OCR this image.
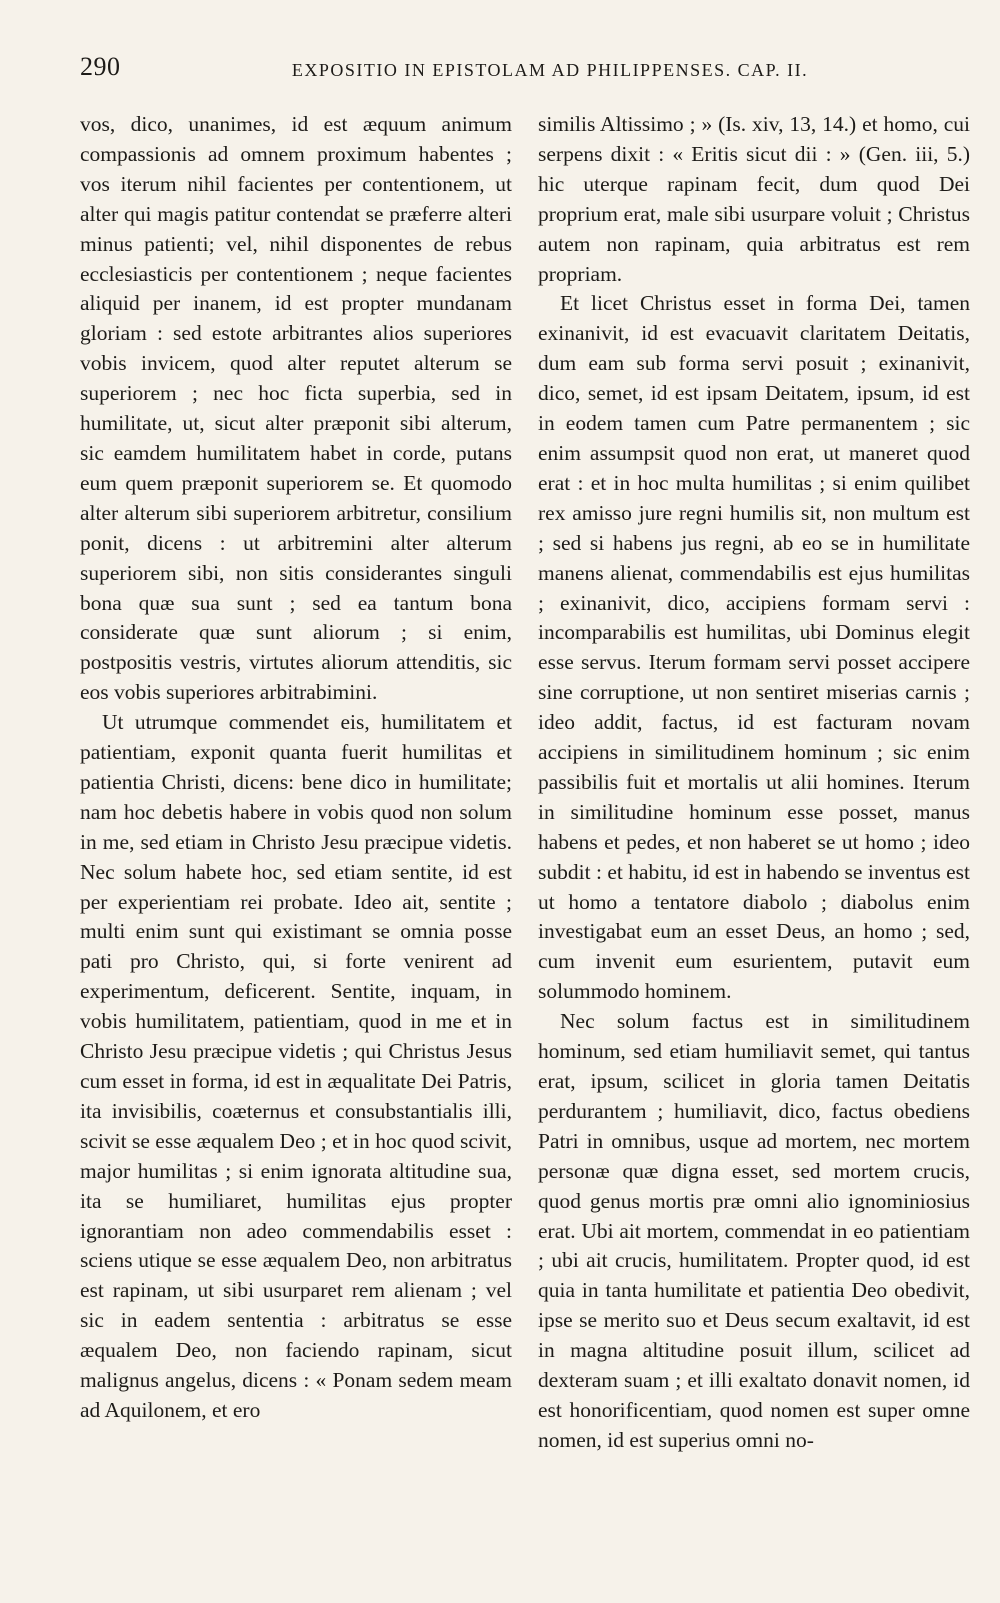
290	EXPOSITIO IN EPISTOLAM AD PHILIPPENSES. CAP. II.

vos, dico, unanimes, id est æquum animum compassionis ad omnem proximum habentes ; vos iterum nihil facientes per contentionem, ut alter qui magis patitur contendat se præferre alteri minus patienti; vel, nihil disponentes de rebus ecclesiasticis per contentionem ; neque facientes aliquid per inanem, id est propter mundanam gloriam : sed estote arbitrantes alios superiores vobis invicem, quod alter reputet alterum se superiorem ; nec hoc ficta superbia, sed in humilitate, ut, sicut alter præponit sibi alterum, sic eamdem humilitatem habet in corde, putans eum quem præponit superiorem se. Et quomodo alter alterum sibi superiorem arbitretur, consilium ponit, dicens : ut arbitremini alter alterum superiorem sibi, non sitis considerantes singuli bona quæ sua sunt ; sed ea tantum bona considerate quæ sunt aliorum ; si enim, postpositis vestris, virtutes aliorum attenditis, sic eos vobis superiores arbitrabimini.

Ut utrumque commendet eis, humilitatem et patientiam, exponit quanta fuerit humilitas et patientia Christi, dicens: bene dico in humilitate; nam hoc debetis habere in vobis quod non solum in me, sed etiam in Christo Jesu præcipue videtis. Nec solum habete hoc, sed etiam sentite, id est per experientiam rei probate. Ideo ait, sentite ; multi enim sunt qui existimant se omnia posse pati pro Christo, qui, si forte venirent ad experimentum, deficerent. Sentite, inquam, in vobis humilitatem, patientiam, quod in me et in Christo Jesu præcipue videtis ; qui Christus Jesus cum esset in forma, id est in æqualitate Dei Patris, ita invisibilis, coæternus et consubstantialis illi, scivit se esse æqualem Deo ; et in hoc quod scivit, major humilitas ; si enim ignorata altitudine sua, ita se humiliaret, humilitas ejus propter ignorantiam non adeo commendabilis esset : sciens utique se esse æqualem Deo, non arbitratus est rapinam, ut sibi usurparet rem alienam ; vel sic in eadem sententia : arbitratus se esse æqualem Deo, non faciendo rapinam, sicut malignus angelus, dicens : « Ponam sedem meam ad Aquilonem, et ero

similis Altissimo ; » (Is. xiv, 13, 14.) et homo, cui serpens dixit : « Eritis sicut dii : » (Gen. iii, 5.) hic uterque rapinam fecit, dum quod Dei proprium erat, male sibi usurpare voluit ; Christus autem non rapinam, quia arbitratus est rem propriam.

Et licet Christus esset in forma Dei, tamen exinanivit, id est evacuavit claritatem Deitatis, dum eam sub forma servi posuit ; exinanivit, dico, semet, id est ipsam Deitatem, ipsum, id est in eodem tamen cum Patre permanentem ; sic enim assumpsit quod non erat, ut maneret quod erat : et in hoc multa humilitas ; si enim quilibet rex amisso jure regni humilis sit, non multum est ; sed si habens jus regni, ab eo se in humilitate manens alienat, commendabilis est ejus humilitas ; exinanivit, dico, accipiens formam servi : incomparabilis est humilitas, ubi Dominus elegit esse servus. Iterum formam servi posset accipere sine corruptione, ut non sentiret miserias carnis ; ideo addit, factus, id est facturam novam accipiens in similitudinem hominum ; sic enim passibilis fuit et mortalis ut alii homines. Iterum in similitudine hominum esse posset, manus habens et pedes, et non haberet se ut homo ; ideo subdit : et habitu, id est in habendo se inventus est ut homo a tentatore diabolo ; diabolus enim investigabat eum an esset Deus, an homo ; sed, cum invenit eum esurientem, putavit eum solummodo hominem.

Nec solum factus est in similitudinem hominum, sed etiam humiliavit semet, qui tantus erat, ipsum, scilicet in gloria tamen Deitatis perdurantem ; humiliavit, dico, factus obediens Patri in omnibus, usque ad mortem, nec mortem personæ quæ digna esset, sed mortem crucis, quod genus mortis præ omni alio ignominiosius erat. Ubi ait mortem, commendat in eo patientiam ; ubi ait crucis, humilitatem. Propter quod, id est quia in tanta humilitate et patientia Deo obedivit, ipse se merito suo et Deus secum exaltavit, id est in magna altitudine posuit illum, scilicet ad dexteram suam ; et illi exaltato donavit nomen, id est honorificentiam, quod nomen est super omne nomen, id est superius omni no-
